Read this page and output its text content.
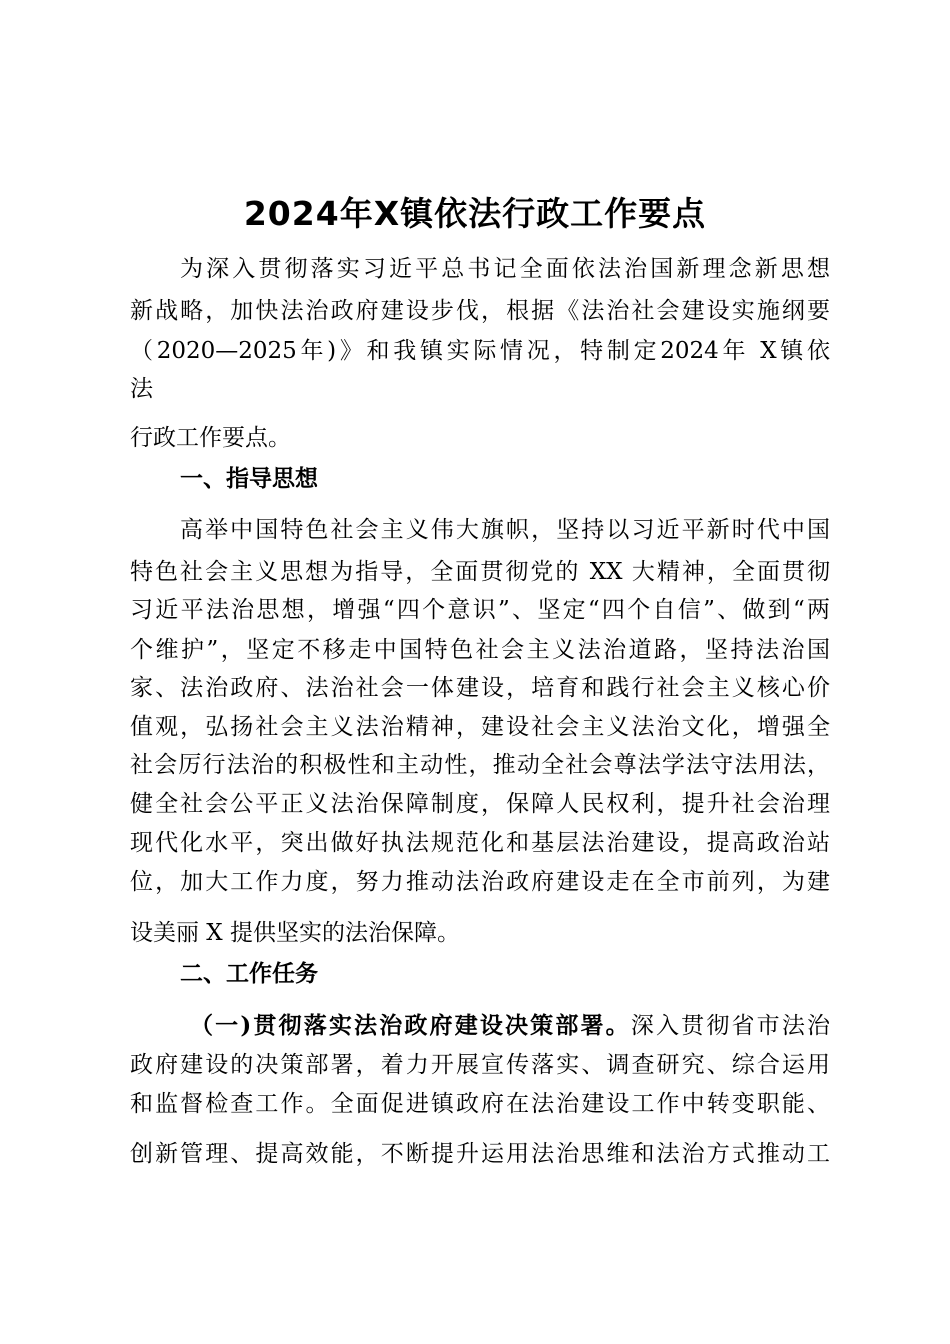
2024年X镇依法行政工作要点
为深入贯彻落实习近平总书记全面依法治国新理念新思想
新战略，加快法治政府建设步伐，根据《法治社会建设实施纲要
（2020—2025年)》和我镇实际情况，特制定2024年 X镇依
法
行政工作要点。
一、指导思想
高举中国特色社会主义伟大旗帜，坚持以习近平新时代中国
特色社会主义思想为指导，全面贯彻党的 XX 大精神，全面贯彻
习近平法治思想，增强“四个意识”、坚定“四个自信”、做到“两
个维护”，坚定不移走中国特色社会主义法治道路，坚持法治国
家、法治政府、法治社会一体建设，培育和践行社会主义核心价
值观，弘扬社会主义法治精神，建设社会主义法治文化，增强全
社会厉行法治的积极性和主动性，推动全社会尊法学法守法用法，
健全社会公平正义法治保障制度，保障人民权利，提升社会治理
现代化水平，突出做好执法规范化和基层法治建设，提高政治站
位，加大工作力度，努力推动法治政府建设走在全市前列，为建
设美丽 X 提供坚实的法治保障。
二、工作任务
（一)贯彻落实法治政府建设决策部署。深入贯彻省市法治
政府建设的决策部署，着力开展宣传落实、调查研究、综合运用
和监督检查工作。全面促进镇政府在法治建设工作中转变职能、
创新管理、提高效能，不断提升运用法治思维和法治方式推动工
